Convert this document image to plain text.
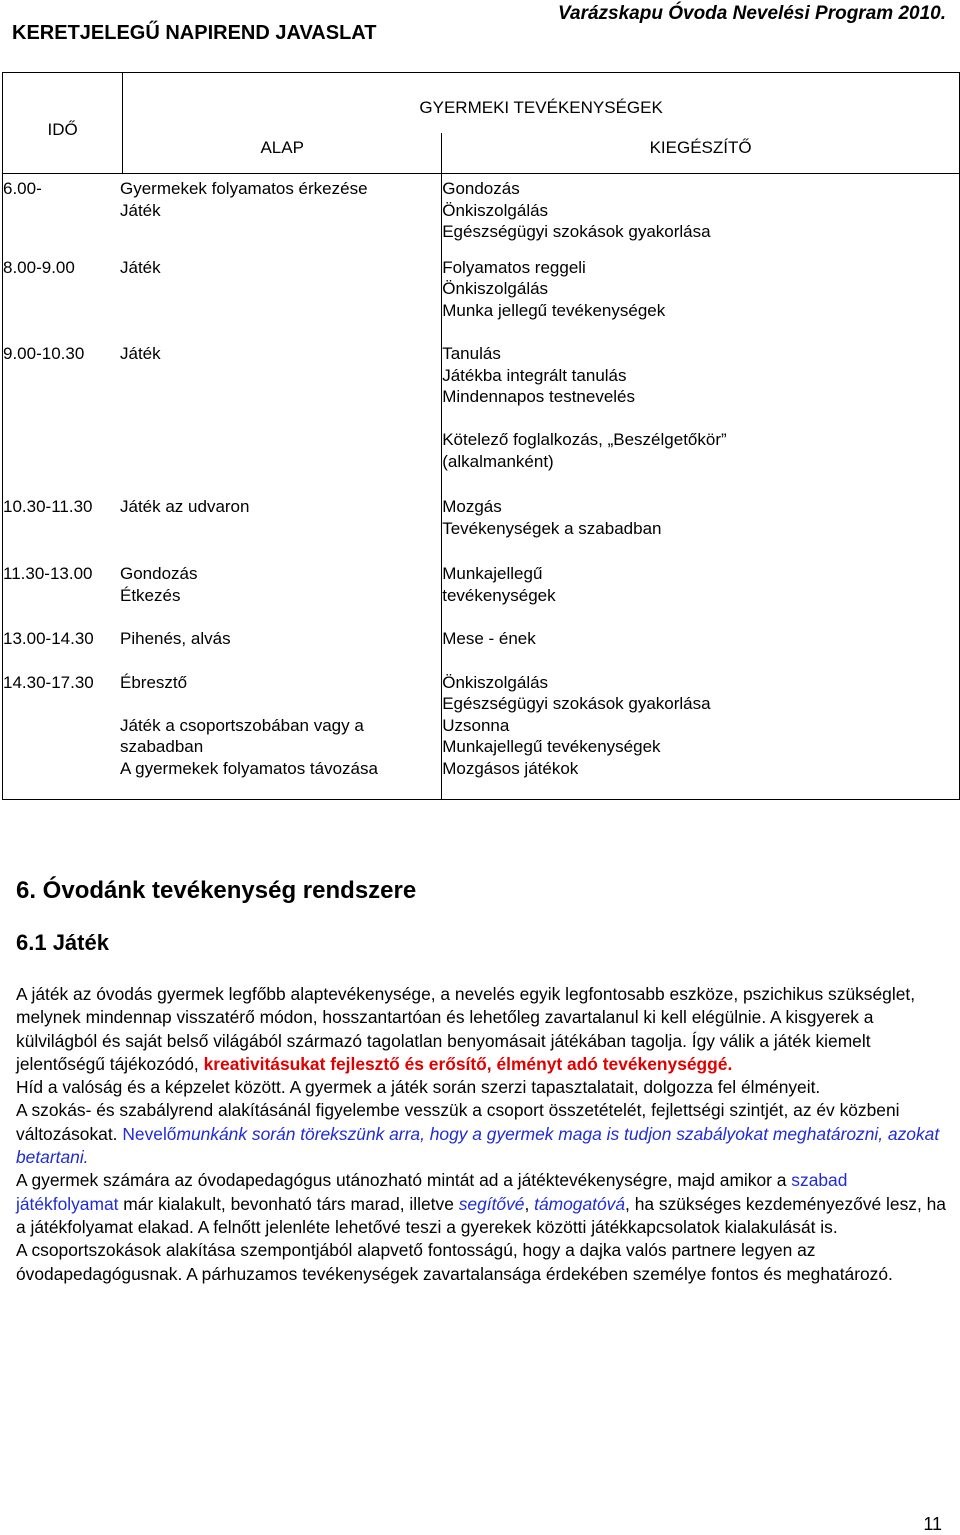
KERETJELEGŰ NAPIREND JAVASLAT
Varázskapu Óvoda Nevelési Program 2010.
IDŐ		GYERMEKI TEVÉKENYSÉGEK	
		ALAP	KIEGÉSZÍTŐ
6.00-	Gyermekek folyamatos érkezése
Játék		Gondozás
Önkiszolgálás
Egészségügyi szokások gyakorlása
8.00-9.00	Játék		Folyamatos reggeli
Önkiszolgálás
Munka jellegű tevékenységek
9.00-10.30	Játék		Tanulás
Játékba integrált tanulás
Mindennapos testnevelés

Kötelező foglalkozás, „Beszélgetőkör”
(alkalmanként)
10.30-11.30	Játék az udvaron		Mozgás
Tevékenységek a szabadban
11.30-13.00	Gondozás
Étkezés		Munkajellegű
tevékenységek
13.00-14.30	Pihenés, alvás		Mese - ének
14.30-17.30	Ébresztő

Játék a csoportszobában vagy a
szabadban
A gyermekek folyamatos távozása		Önkiszolgálás
Egészségügyi szokások gyakorlása
Uzsonna
Munkajellegű tevékenységek
Mozgásos játékok
6. Óvodánk tevékenység rendszere
6.1 Játék

A játék az óvodás gyermek legfőbb alaptevékenysége, a nevelés egyik legfontosabb eszköze, pszichikus szükséglet, melynek mindennap visszatérő módon, hosszantartóan és lehetőleg zavartalanul ki kell elégülnie. A kisgyerek a külvilágból és saját belső világából származó tagolatlan benyomásait játékában tagolja. Így válik a játék kiemelt jelentőségű tájékozódó, kreativitásukat fejlesztő és erősítő, élményt adó tevékenységgé.

Híd a valóság és a képzelet között. A gyermek a játék során szerzi tapasztalatait, dolgozza fel élményeit.

A szokás- és szabályrend alakításánál figyelembe vesszük a csoport összetételét, fejlettségi szintjét, az év közbeni változásokat. Nevelőmunkánk során törekszünk arra, hogy a gyermek maga is tudjon szabályokat meghatározni, azokat betartani.

A gyermek számára az óvodapedagógus utánozható mintát ad a játéktevékenységre, majd amikor a szabad játékfolyamat már kialakult, bevonható társ marad, illetve segítővé, támogatóvá, ha szükséges kezdeményezővé lesz, ha a játékfolyamat elakad. A felnőtt jelenléte lehetővé teszi a gyerekek közötti játékkapcsolatok kialakulását is.

A csoportszokások alakítása szempontjából alapvető fontosságú, hogy a dajka valós partnere legyen az óvodapedagógusnak. A párhuzamos tevékenységek zavartalansága érdekében személye fontos és meghatározó.

11
